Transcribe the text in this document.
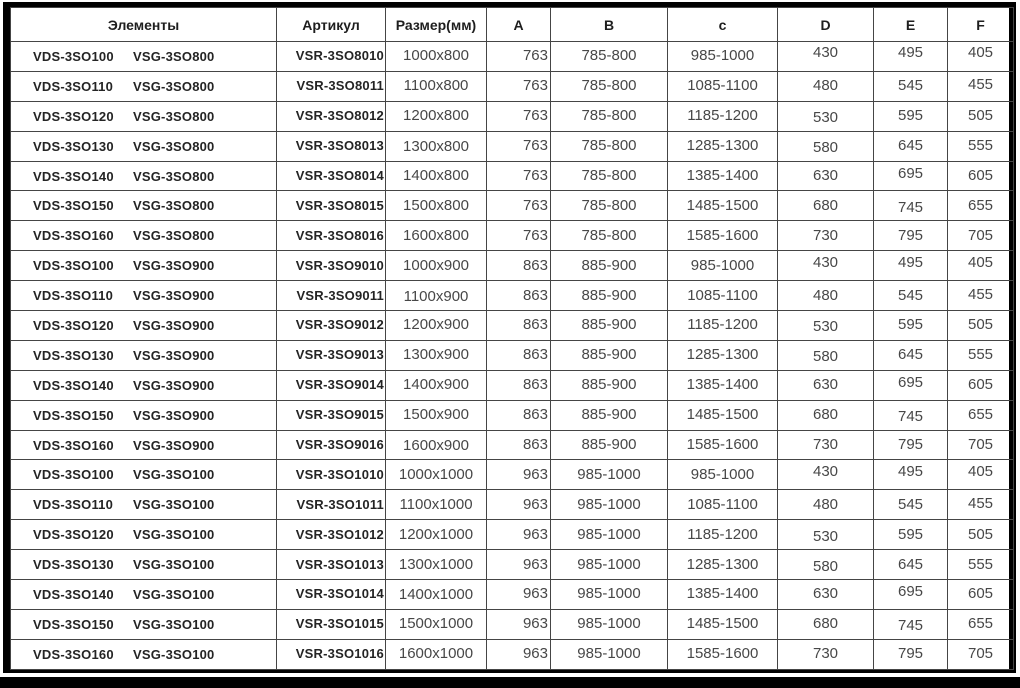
Элементы	Артикул	Размер(мм)	A	B	c	D	E	F

VDS-3SO100 VSG-3SO800	VSR-3SO8010	1000x800	763	785-800	985-1000	430	495	405

VDS-3SO110 VSG-3SO800	VSR-3SO8011	1100x800	763	785-800	1085-1100	480	545	455

VDS-3SO120 VSG-3SO800	VSR-3SO8012	1200x800	763	785-800	1185-1200	530	595	505

VDS-3SO130 VSG-3SO800	VSR-3SO8013	1300x800	763	785-800	1285-1300	580	645	555

VDS-3SO140 VSG-3SO800	VSR-3SO8014	1400x800	763	785-800	1385-1400	630	695	605

VDS-3SO150 VSG-3SO800	VSR-3SO8015	1500x800	763	785-800	1485-1500	680	745	655

VDS-3SO160 VSG-3SO800	VSR-3SO8016	1600x800	763	785-800	1585-1600	730	795	705

VDS-3SO100 VSG-3SO900	VSR-3SO9010	1000x900	863	885-900	985-1000	430	495	405

VDS-3SO110 VSG-3SO900	VSR-3SO9011	1100x900	863	885-900	1085-1100	480	545	455

VDS-3SO120 VSG-3SO900	VSR-3SO9012	1200x900	863	885-900	1185-1200	530	595	505

VDS-3SO130 VSG-3SO900	VSR-3SO9013	1300x900	863	885-900	1285-1300	580	645	555

VDS-3SO140 VSG-3SO900	VSR-3SO9014	1400x900	863	885-900	1385-1400	630	695	605

VDS-3SO150 VSG-3SO900	VSR-3SO9015	1500x900	863	885-900	1485-1500	680	745	655

VDS-3SO160 VSG-3SO900	VSR-3SO9016	1600x900	863	885-900	1585-1600	730	795	705

VDS-3SO100 VSG-3SO100	VSR-3SO1010	1000x1000	963	985-1000	985-1000	430	495	405

VDS-3SO110 VSG-3SO100	VSR-3SO1011	1100x1000	963	985-1000	1085-1100	480	545	455

VDS-3SO120 VSG-3SO100	VSR-3SO1012	1200x1000	963	985-1000	1185-1200	530	595	505

VDS-3SO130 VSG-3SO100	VSR-3SO1013	1300x1000	963	985-1000	1285-1300	580	645	555

VDS-3SO140 VSG-3SO100	VSR-3SO1014	1400x1000	963	985-1000	1385-1400	630	695	605

VDS-3SO150 VSG-3SO100	VSR-3SO1015	1500x1000	963	985-1000	1485-1500	680	745	655

VDS-3SO160 VSG-3SO100	VSR-3SO1016	1600x1000	963	985-1000	1585-1600	730	795	705
